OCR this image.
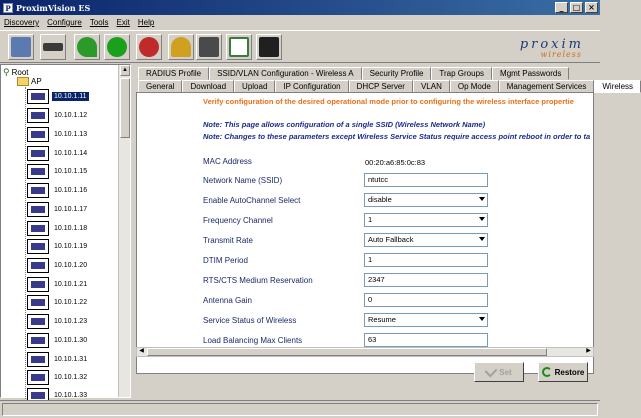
P ProximVision ES	_	□ ×
Discovery Configure Tools Exit Help
proxim
wireless
⚲ Root
AP
10.10.1.11
10.10.1.12
10.10.1.13
10.10.1.14
10.10.1.15
10.10.1.16
10.10.1.17
10.10.1.18
10.10.1.19
10.10.1.20
10.10.1.21
10.10.1.22
10.10.1.23
10.10.1.30
10.10.1.31
10.10.1.32
10.10.1.33
▲	RADIUS Profile	SSID/VLAN Configuration - Wireless A	Security Profile	Trap Groups	Mgmt Passwords
General	Download	Upload	IP Configuration	DHCP Server	VLAN	Op Mode	Management Services	Wireless
Verify configuration of the desired operational mode prior to configuring the wireless interface propertie
Note: This page allows configuration of a single SSID (Wireless Network Name)
Note: Changes to these parameters except Wireless Service Status require access point reboot in order to ta
MAC Address	00:20:a6:85:0c:83
Network Name (SSID)	ntutcc
Enable AutoChannel Select	disable
Frequency Channel	1
Transmit Rate	Auto Fallback
DTIM Period	1
RTS/CTS Medium Reservation	2347
Antenna Gain	0
Service Status of Wireless	Resume
Load Balancing Max Clients	63
◀	▶
Set	Restore
